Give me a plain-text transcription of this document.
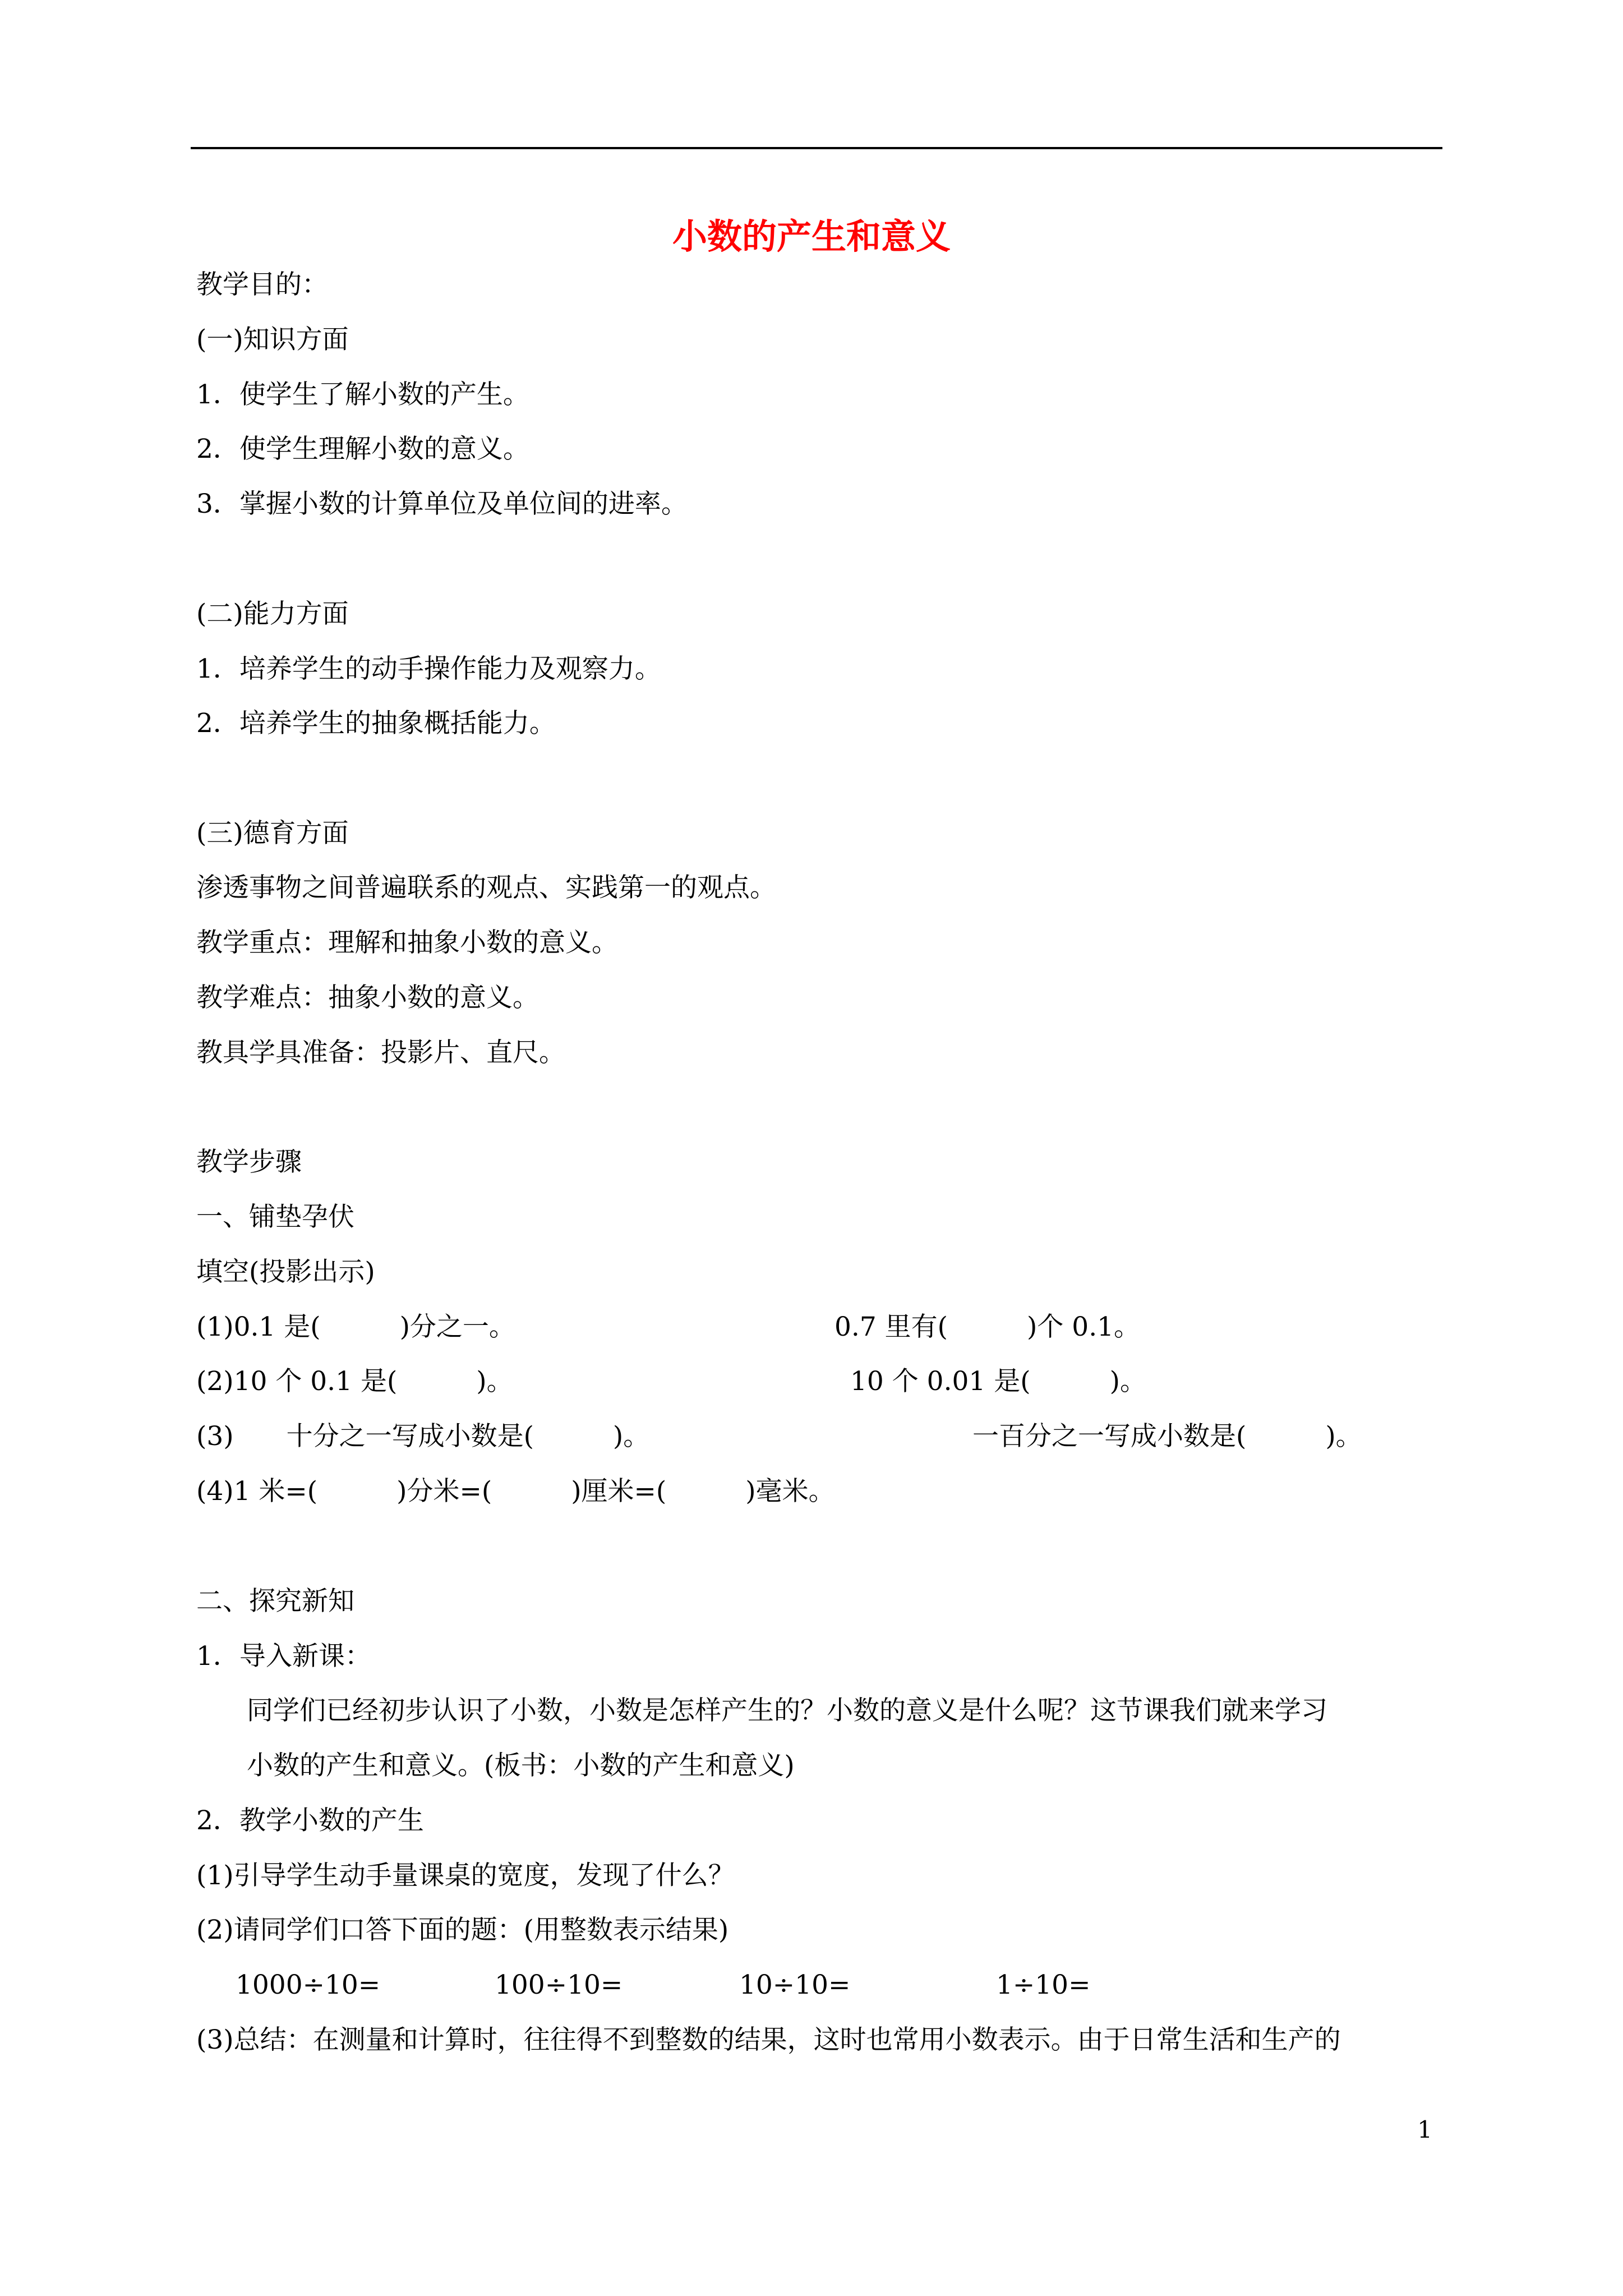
小数的产生和意义
教学目的：
(一)知识方面
1．使学生了解小数的产生。
2．使学生理解小数的意义。
3．掌握小数的计算单位及单位间的进率。
(二)能力方面
1．培养学生的动手操作能力及观察力。
2．培养学生的抽象概括能力。
(三)德育方面
渗透事物之间普遍联系的观点、实践第一的观点。
教学重点：理解和抽象小数的意义。
教学难点：抽象小数的意义。
教具学具准备：投影片、直尺。
教学步骤
一、铺垫孕伏
填空(投影出示)
(1)0.1 是(　　　)分之一。	0.7 里有(　　　)个 0.1。
(2)10 个 0.1 是(　　　)。	10 个 0.01 是(　　　)。
(3)　　十分之一写成小数是(　　　)。	一百分之一写成小数是(　　　)。
(4)1 米=(　　　)分米=(　　　)厘米=(　　　)毫米。
二、探究新知
1．导入新课：
同学们已经初步认识了小数，小数是怎样产生的？小数的意义是什么呢？这节课我们就来学习
小数的产生和意义。(板书：小数的产生和意义)
2．教学小数的产生
(1)引导学生动手量课桌的宽度，发现了什么？
(2)请同学们口答下面的题：(用整数表示结果)
1000÷10=	100÷10=	10÷10=	1÷10=
(3)总结：在测量和计算时，往往得不到整数的结果，这时也常用小数表示。由于日常生活和生产的
1
